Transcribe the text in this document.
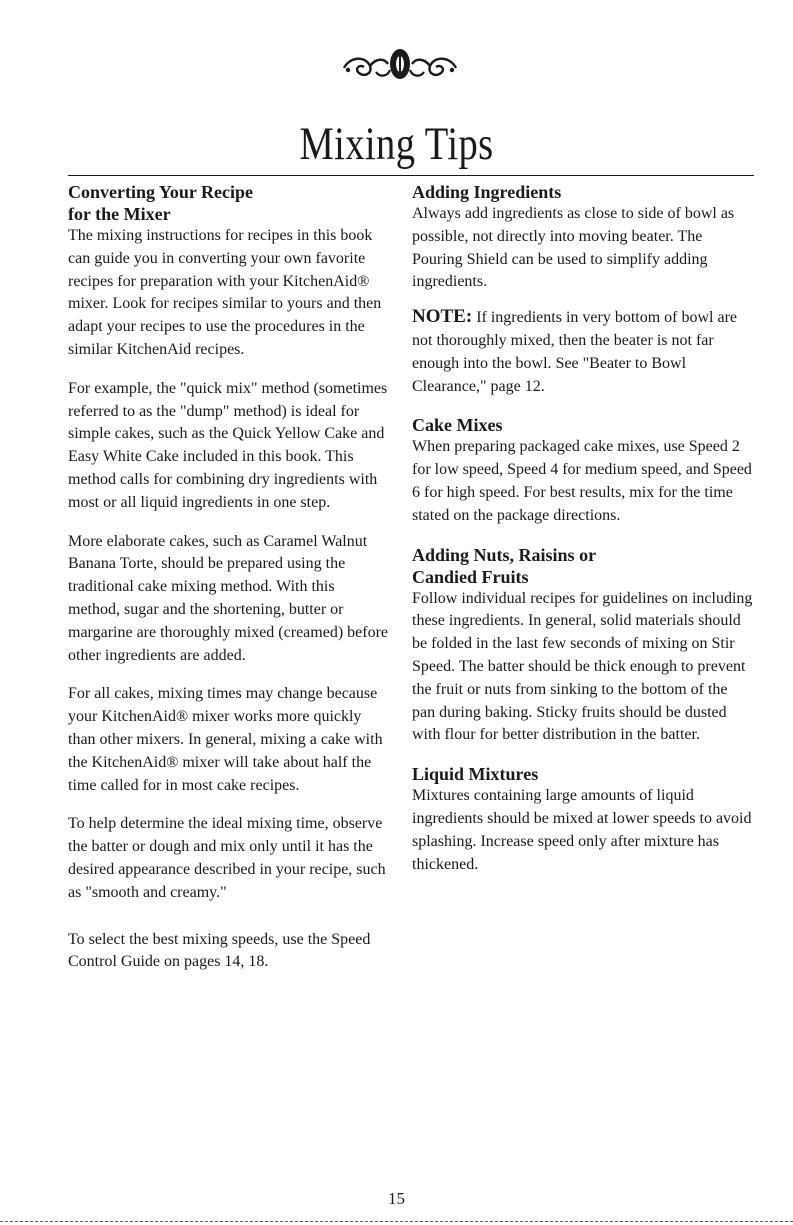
Mixing Tips

Converting Your Recipe

for the Mixer

The mixing instructions for recipes in this book can guide you in converting your own favorite recipes for preparation with your KitchenAid® mixer. Look for recipes similar to yours and then adapt your recipes to use the procedures in the similar KitchenAid recipes.

For example, the "quick mix" method (sometimes referred to as the "dump" method) is ideal for simple cakes, such as the Quick Yellow Cake and Easy White Cake included in this book. This method calls for combining dry ingredients with most or all liquid ingredients in one step.

More elaborate cakes, such as Caramel Walnut Banana Torte, should be prepared using the traditional cake mixing method. With this method, sugar and the shortening, butter or margarine are thoroughly mixed (creamed) before other ingredients are added.

For all cakes, mixing times may change because your KitchenAid® mixer works more quickly than other mixers. In general, mixing a cake with the KitchenAid® mixer will take about half the time called for in most cake recipes.

To help determine the ideal mixing time, observe the batter or dough and mix only until it has the desired appearance described in your recipe, such as "smooth and creamy."

To select the best mixing speeds, use the Speed Control Guide on pages 14, 18.

Adding Ingredients

Always add ingredients as close to side of bowl as possible, not directly into moving beater. The Pouring Shield can be used to simplify adding ingredients.

NOTE: If ingredients in very bottom of bowl are not thoroughly mixed, then the beater is not far enough into the bowl. See "Beater to Bowl Clearance," page 12.

Cake Mixes

When preparing packaged cake mixes, use Speed 2 for low speed, Speed 4 for medium speed, and Speed 6 for high speed. For best results, mix for the time stated on the package directions.

Adding Nuts, Raisins or

Candied Fruits

Follow individual recipes for guidelines on including these ingredients. In general, solid materials should be folded in the last few seconds of mixing on Stir Speed. The batter should be thick enough to prevent the fruit or nuts from sinking to the bottom of the pan during baking. Sticky fruits should be dusted with flour for better distribution in the batter.

Liquid Mixtures

Mixtures containing large amounts of liquid ingredients should be mixed at lower speeds to avoid splashing. Increase speed only after mixture has thickened.

15
